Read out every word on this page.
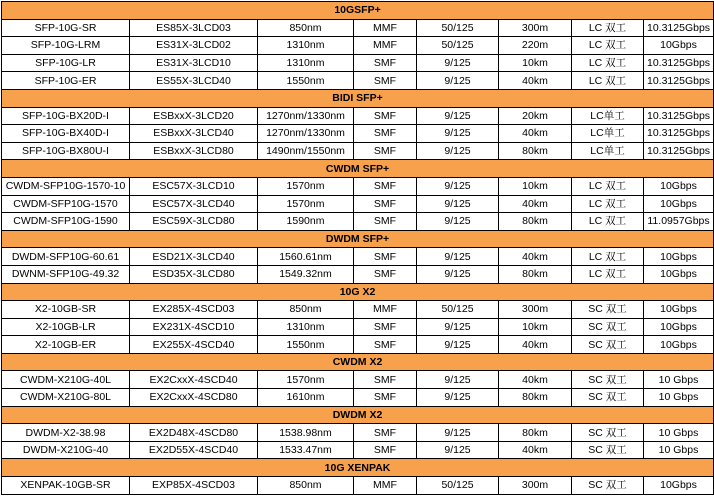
10GSFP+							
SFP-10G-SR	ES85X-3LCD03	850nm	MMF	50/125	300m	LC 双工	10.3125Gbps
SFP-10G-LRM	ES31X-3LCD02	1310nm	MMF	50/125	220m	LC 双工	10Gbps
SFP-10G-LR	ES31X-3LCD10	1310nm	SMF	9/125	10km	LC 双工	10.3125Gbps
SFP-10G-ER	ES55X-3LCD40	1550nm	SMF	9/125	40km	LC 双工	10.3125Gbps
BIDI SFP+							
SFP-10G-BX20D-I	ESBxxX-3LCD20	1270nm/1330nm	SMF	9/125	20km	LC单工	10.3125Gbps
SFP-10G-BX40D-I	ESBxxX-3LCD40	1270nm/1330nm	SMF	9/125	40km	LC单工	10.3125Gbps
SFP-10G-BX80U-I	ESBxxX-3LCD80	1490nm/1550nm	SMF	9/125	80km	LC单工	10.3125Gbps
CWDM SFP+							
CWDM-SFP10G-1570-10	ESC57X-3LCD10	1570nm	SMF	9/125	10km	LC 双工	10Gbps
CWDM-SFP10G-1570	ESC57X-3LCD40	1570nm	SMF	9/125	40km	LC 双工	10Gbps
CWDM-SFP10G-1590	ESC59X-3LCD80	1590nm	SMF	9/125	80km	LC 双工	11.0957Gbps
DWDM SFP+							
DWDM-SFP10G-60.61	ESD21X-3LCD40	1560.61nm	SMF	9/125	40km	LC 双工	10Gbps
DWNM-SFP10G-49.32	ESD35X-3LCD80	1549.32nm	SMF	9/125	80km	LC 双工	10Gbps
10G X2							
X2-10GB-SR	EX285X-4SCD03	850nm	MMF	50/125	300m	SC 双工	10Gbps
X2-10GB-LR	EX231X-4SCD10	1310nm	SMF	9/125	10km	SC 双工	10Gbps
X2-10GB-ER	EX255X-4SCD40	1550nm	SMF	9/125	40km	SC 双工	10Gbps
CWDM X2							
CWDM-X210G-40L	EX2CxxX-4SCD40	1570nm	SMF	9/125	40km	SC 双工	10 Gbps
CWDM-X210G-80L	EX2CxxX-4SCD80	1610nm	SMF	9/125	80km	SC 双工	10 Gbps
DWDM X2							
DWDM-X2-38.98	EX2D48X-4SCD80	1538.98nm	SMF	9/125	80km	SC 双工	10 Gbps
DWDM-X210G-40	EX2D55X-4SCD40	1533.47nm	SMF	9/125	40km	SC 双工	10 Gbps
10G XENPAK							
XENPAK-10GB-SR	EXP85X-4SCD03	850nm	MMF	50/125	300m	SC 双工	10Gbps
